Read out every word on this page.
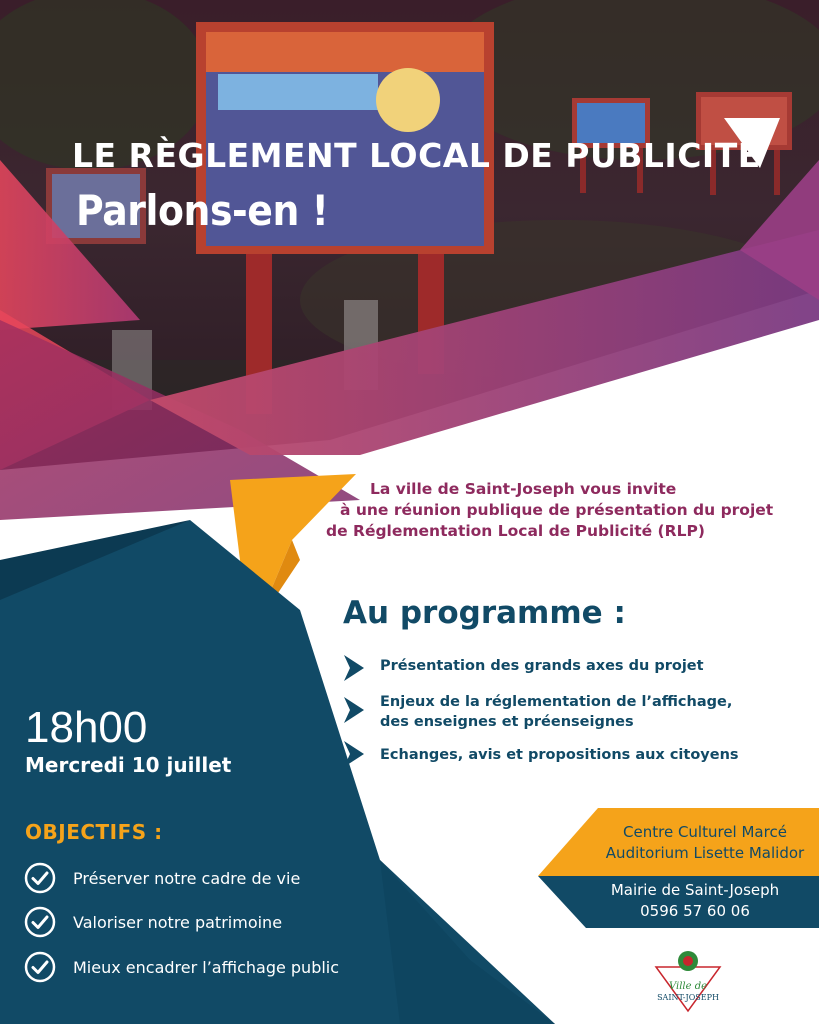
LE RÈGLEMENT LOCAL DE PUBLICITE
Parlons-en !

La ville de Saint-Joseph vous invite

à une réunion publique de présentation du projet

de Réglementation Local de Publicité (RLP)

Au programme :

Présentation des grands axes du projet

Enjeux de la réglementation de l’affichage,

des enseignes et préenseignes

Echanges, avis et propositions aux citoyens

18h00

Mercredi 10 juillet

OBJECTIFS :

Préserver notre cadre de vie

Valoriser notre patrimoine

Mieux encadrer l’affichage public

Centre Culturel Marcé

Auditorium Lisette Malidor

Mairie de Saint-Joseph

0596 57 60 06

Ville de
SAINT-JOSEPH
